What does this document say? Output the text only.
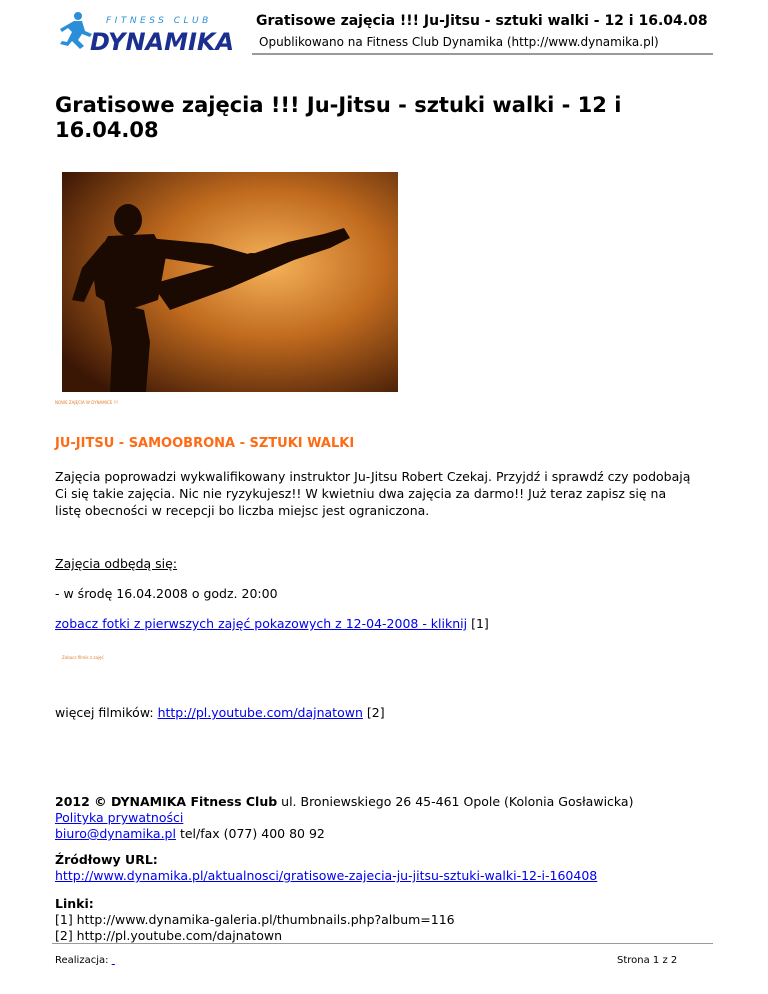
FITNESS CLUB
DYNAMIKA
Gratisowe zajęcia !!! Ju-Jitsu - sztuki walki - 12 i 16.04.08
Opublikowano na Fitness Club Dynamika (http://www.dynamika.pl)
Gratisowe zajęcia !!! Ju-Jitsu - sztuki walki - 12 i 16.04.08
NOWE ZAJĘCIA W DYNAMICE !!!
JU-JITSU - SAMOOBRONA - SZTUKI WALKI

Zajęcia poprowadzi wykwalifikowany instruktor Ju-Jitsu Robert Czekaj. Przyjdź i sprawdź czy podobają Ci się takie zajęcia. Nic nie ryzykujesz!! W kwietniu dwa zajęcia za darmo!! Już teraz zapisz się na listę obecności w recepcji bo liczba miejsc jest ograniczona.

Zajęcia odbędą się:
- w środę 16.04.2008 o godz. 20:00
zobacz fotki z pierwszych zajęć pokazowych z 12-04-2008 - kliknij [1]
Zobacz filmik z zajęć
więcej filmików: http://pl.youtube.com/dajnatown [2]
2012 © DYNAMIKA Fitness Club ul. Broniewskiego 26 45-461 Opole (Kolonia Gosławicka)
Polityka prywatności
biuro@dynamika.pl tel/fax (077) 400 80 92
Źródłowy URL:
http://www.dynamika.pl/aktualnosci/gratisowe-zajecia-ju-jitsu-sztuki-walki-12-i-160408
Linki:
[1] http://www.dynamika-galeria.pl/thumbnails.php?album=116
[2] http://pl.youtube.com/dajnatown
Realizacja:	Strona 1 z 2
